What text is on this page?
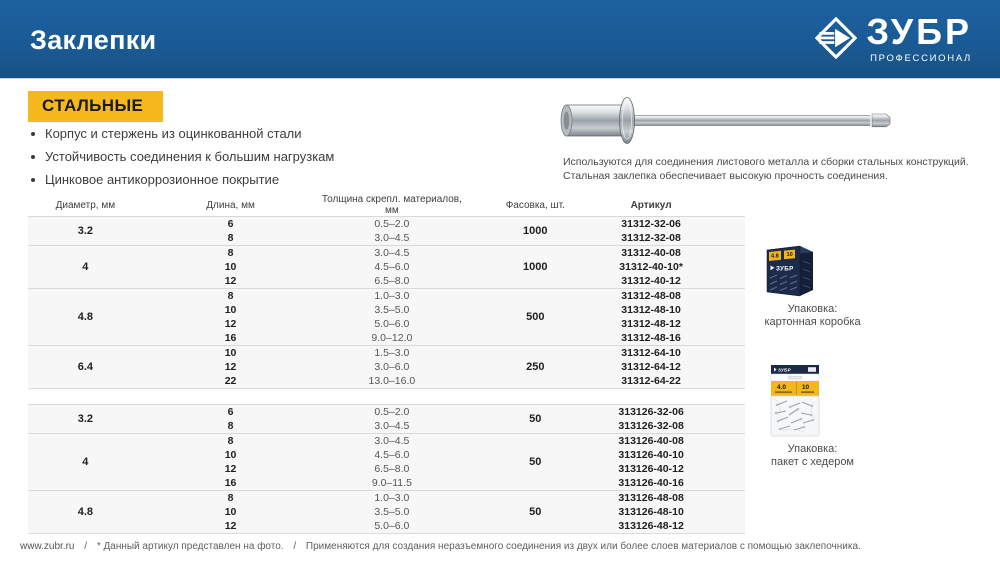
Заклепки	ЗУБР
ПРОФЕССИОНАЛ
СТАЛЬНЫЕ
Корпус и стержень из оцинкованной стали
Устойчивость соединения к большим нагрузкам
Цинковое антикоррозионное покрытие
Используются для соединения листового металла и сборки стальных конструкций.
Стальная заклепка обеспечивает высокую прочность соединения.
Диаметр, мм	Длина, мм	Толщина скрепл. материалов, мм	Фасовка, шт.	Артикул
3.2	6	0.5–2.0	1000	31312-32-06
	8	3.0–4.5		31312-32-08
4	8	3.0–4.5	1000	31312-40-08
	10	4.5–6.0		31312-40-10*
	12	6.5–8.0		31312-40-12
4.8	8	1.0–3.0	500	31312-48-08
	10	3.5–5.0		31312-48-10
	12	5.0–6.0		31312-48-12
	16	9.0–12.0		31312-48-16
6.4	10	1.5–3.0	250	31312-64-10
	12	3.0–6.0		31312-64-12
	22	13.0–16.0		31312-64-22
3.2	6	0.5–2.0	50	313126-32-06
	8	3.0–4.5		313126-32-08
4	8	3.0–4.5	50	313126-40-08
	10	4.5–6.0		313126-40-10
	12	6.5–8.0		313126-40-12
	16	9.0–11.5		313126-40-16
4.8	8	1.0–3.0	50	313126-48-08
	10	3.5–5.0		313126-48-10
	12	5.0–6.0		313126-48-12
4.8 10
ЗУБР
Упаковка:
картонная коробка
ЗУБР
4.0	10
Упаковка:
пакет с хедером
www.zubr.ru / * Данный артикул представлен на фото. / Применяются для создания неразъемного соединения из двух или более слоев материалов с помощью заклепочника.
